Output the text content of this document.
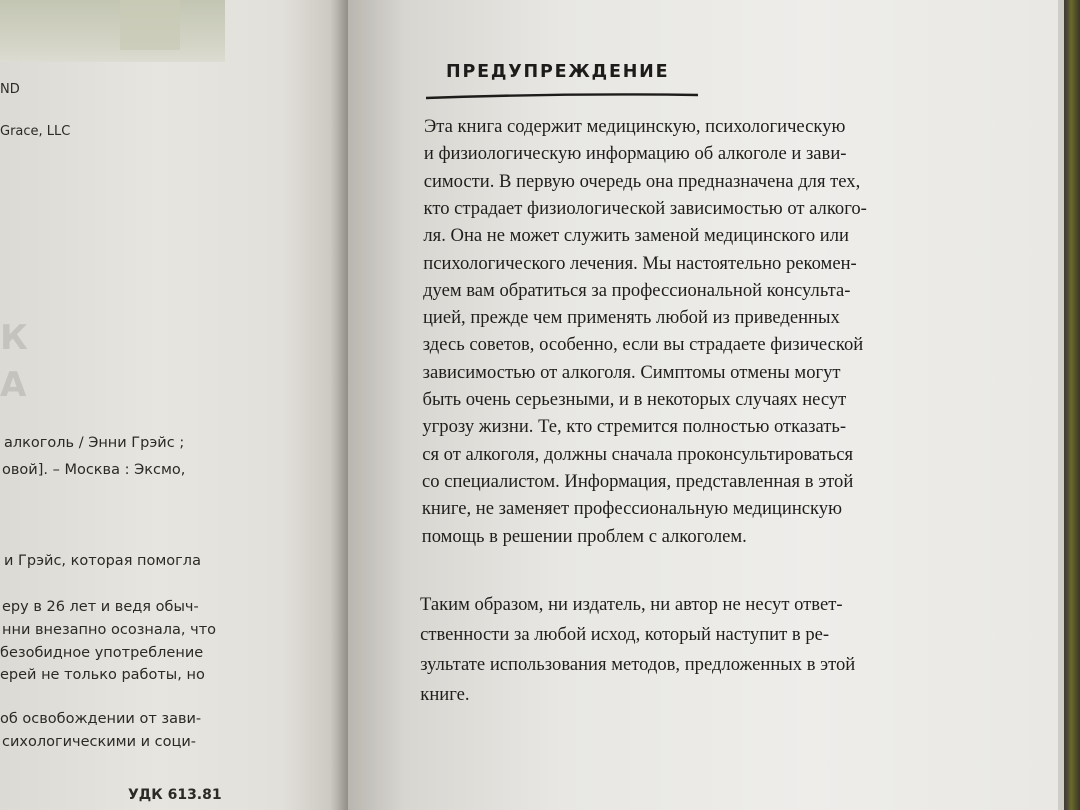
К
А
ND
Grace, LLC
алкоголь / Энни Грэйс ;
овой]. – Москва : Эксмо,
и Грэйс, которая помогла
еру в 26 лет и ведя обыч-
нни внезапно осознала, что
безобидное употребление
ерей не только работы, но
об освобождении от зави-
сихологическими и соци-
УДК 613.81
ПРЕДУПРЕЖДЕНИЕ
Эта книга содержит медицинскую, психологическую
и физиологическую информацию об алкоголе и зави-
симости. В первую очередь она предназначена для тех,
кто страдает физиологической зависимостью от алкого-
ля. Она не может служить заменой медицинского или
психологического лечения. Мы настоятельно рекомен-
дуем вам обратиться за профессиональной консульта-
цией, прежде чем применять любой из приведенных
здесь советов, особенно, если вы страдаете физической
зависимостью от алкоголя. Симптомы отмены могут
быть очень серьезными, и в некоторых случаях несут
угрозу жизни. Те, кто стремится полностью отказать-
ся от алкоголя, должны сначала проконсультироваться
со специалистом. Информация, представленная в этой
книге, не заменяет профессиональную медицинскую
помощь в решении проблем с алкоголем.
Таким образом, ни издатель, ни автор не несут ответ-
ственности за любой исход, который наступит в ре-
зультате использования методов, предложенных в этой
книге.
